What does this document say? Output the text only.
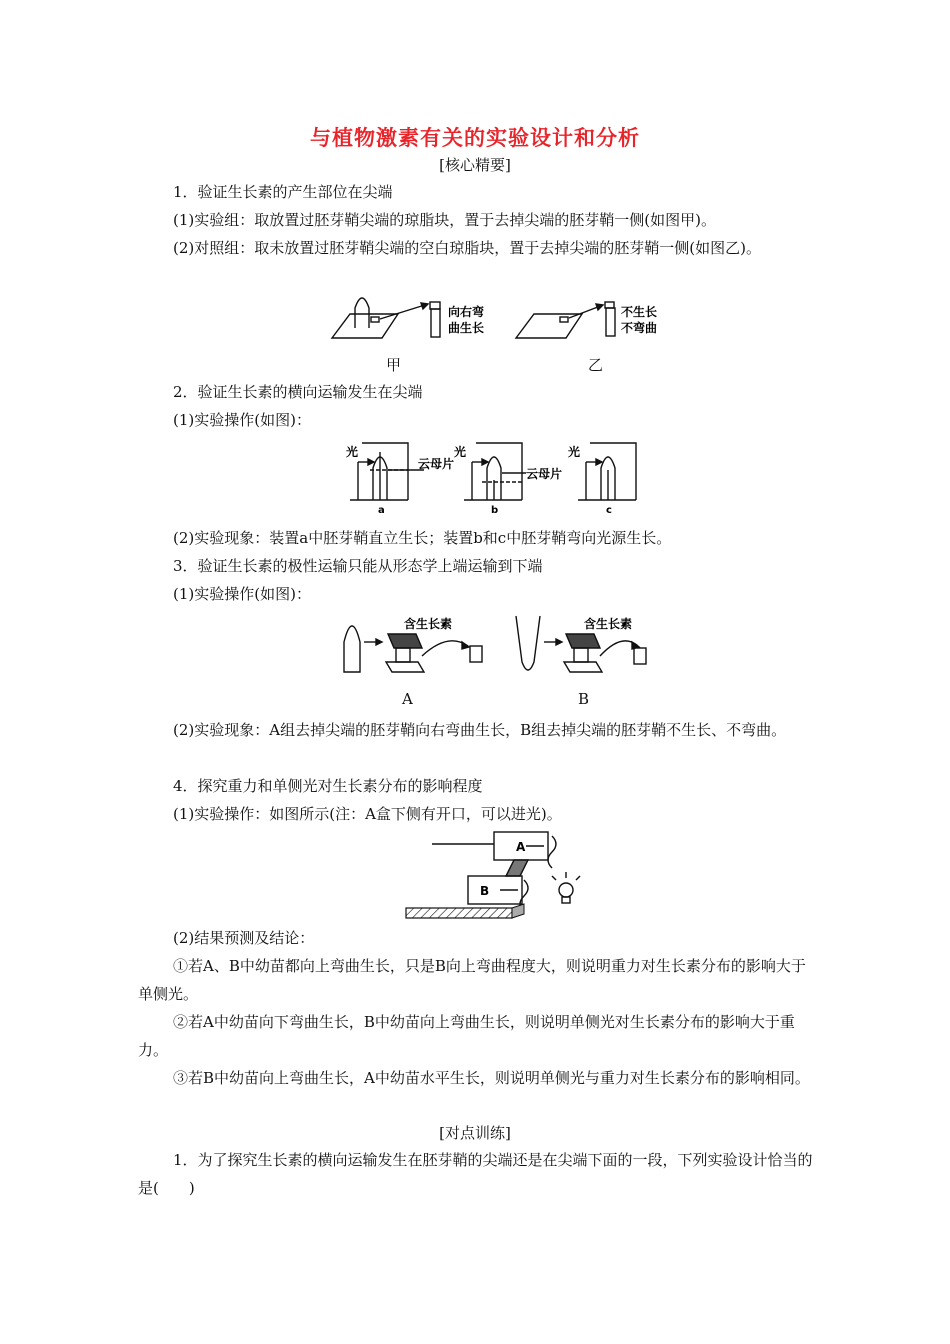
与植物激素有关的实验设计和分析
[核心精要]
1．验证生长素的产生部位在尖端
(1)实验组：取放置过胚芽鞘尖端的琼脂块，置于去掉尖端的胚芽鞘一侧(如图甲)。
(2)对照组：取未放置过胚芽鞘尖端的空白琼脂块，置于去掉尖端的胚芽鞘一侧(如图乙)。
向右弯
曲生长
不生长
不弯曲
甲	乙
2．验证生长素的横向运输发生在尖端
(1)实验操作(如图)：
光	光	光
云母片
云母片
a	b	c
(2)实验现象：装置a中胚芽鞘直立生长；装置b和c中胚芽鞘弯向光源生长。
3．验证生长素的极性运输只能从形态学上端运输到下端
(1)实验操作(如图)：
含生长素	含生长素
A	B
(2)实验现象：A组去掉尖端的胚芽鞘向右弯曲生长，B组去掉尖端的胚芽鞘不生长、不弯曲。
4．探究重力和单侧光对生长素分布的影响程度
(1)实验操作：如图所示(注：A盒下侧有开口，可以进光)。
A
B
(2)结果预测及结论：
①若A、B中幼苗都向上弯曲生长，只是B向上弯曲程度大，则说明重力对生长素分布的影响大于单侧光。
②若A中幼苗向下弯曲生长，B中幼苗向上弯曲生长，则说明单侧光对生长素分布的影响大于重力。
③若B中幼苗向上弯曲生长，A中幼苗水平生长，则说明单侧光与重力对生长素分布的影响相同。
[对点训练]
1．为了探究生长素的横向运输发生在胚芽鞘的尖端还是在尖端下面的一段，下列实验设计恰当的是(　　)
